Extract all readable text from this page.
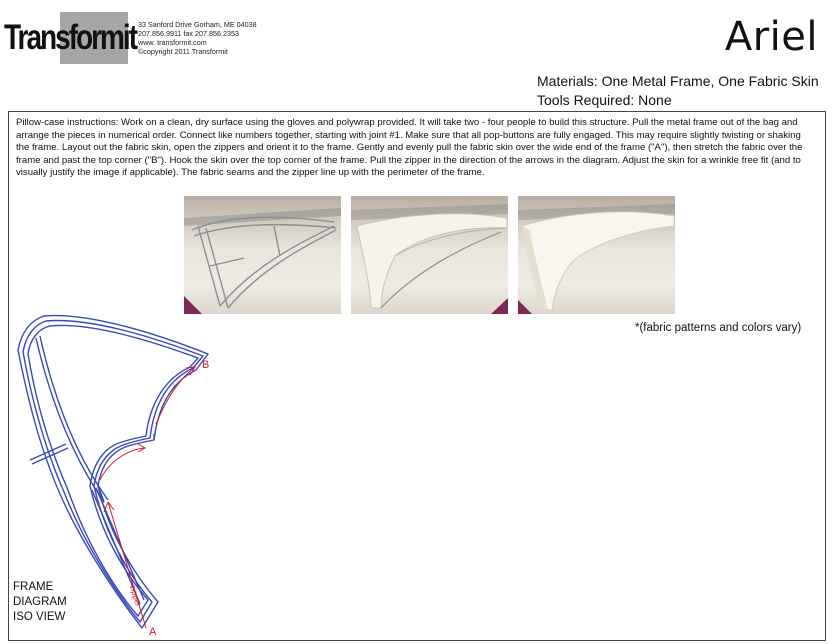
Transformit 33 Sanford Drive Gorham, ME 04038
207.856.9911 fax 207.856.2353
www. transformit.com
©copyright 2011 Transformit	Ariel
Materials: One Metal Frame, One Fabric Skin
Tools Required: None

Pillow-case instructions: Work on a clean, dry surface using the gloves and polywrap provided. It will take two - four people to build this structure. Pull the metal frame out of the bag and arrange the pieces in numerical order. Connect like numbers together, starting with joint #1. Make sure that all pop-buttons are fully engaged. This may require slightly twisting or shaking the frame. Layout out the fabric skin, open the zippers and orient it to the frame. Gently and evenly pull the fabric skin over the wide end of the frame ("A"), then stretch the fabric over the frame and past the top corner ("B"). Hook the skin over the top corner of the frame. Pull the zipper in the direction of the arrows in the diagram. Adjust the skin for a wrinkle free fit (and to visually justify the image if applicable). The fabric seams and the zipper line up with the perimeter of the frame.

*(fabric patterns and colors vary)
A
B
zipper
FRAME
DIAGRAM
ISO VIEW
